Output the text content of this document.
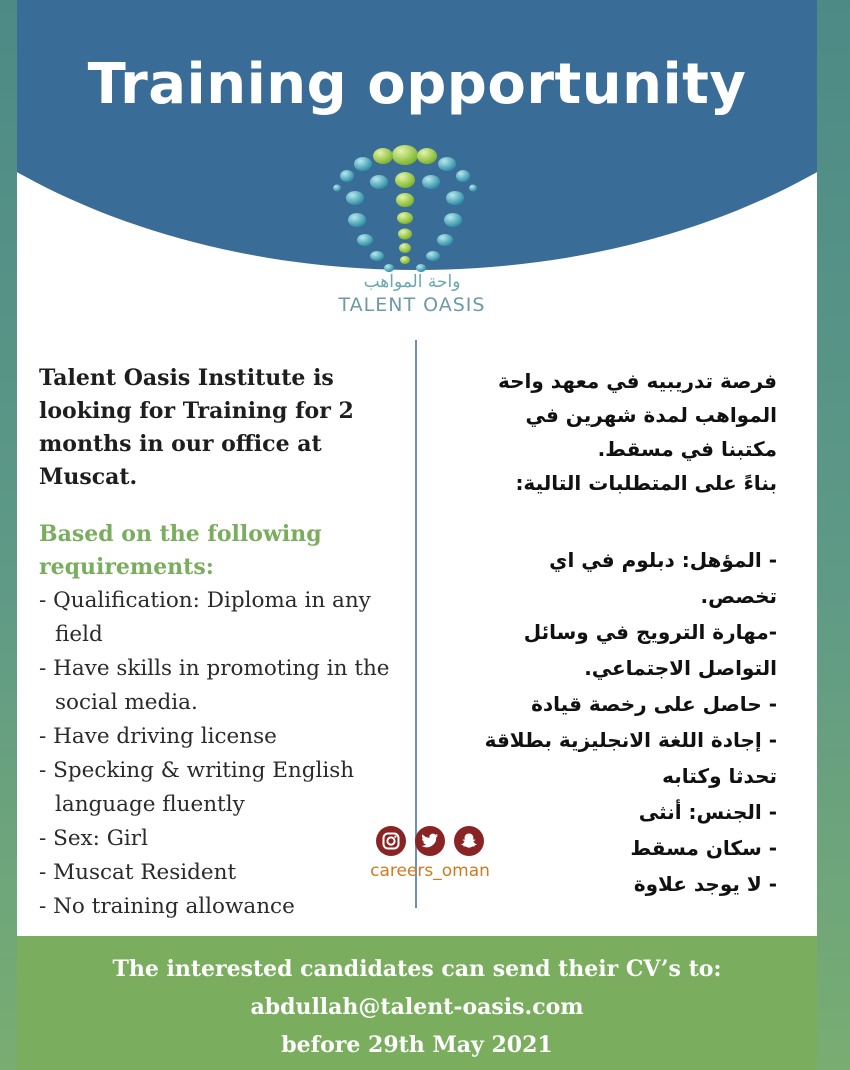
Training opportunity
واحة المواهب
TALENT OASIS

Talent Oasis Institute is looking for Training for 2 months in our office at Muscat.

Based on the following requirements:

- Qualification: Diploma in any field
- Have skills in promoting in the social media.
- Have driving license
- Specking & writing English language fluently
- Sex: Girl
- Muscat Resident
- No training allowance
فرصة تدريبيه في معهد واحة
المواهب لمدة شهرين في
مكتبنا في مسقط.
بناءً على المتطلبات التالية:
- المؤهل: دبلوم في اي تخصص.
-مهارة الترويج في وسائل التواصل الاجتماعي.
- حاصل على رخصة قيادة
- إجادة اللغة الانجليزية بطلاقة تحدثا وكتابه
- الجنس: أنثى
- سكان مسقط
- لا يوجد علاوة
careers_oman

The interested candidates can send their CV’s to:

abdullah@talent-oasis.com

before 29th May 2021
